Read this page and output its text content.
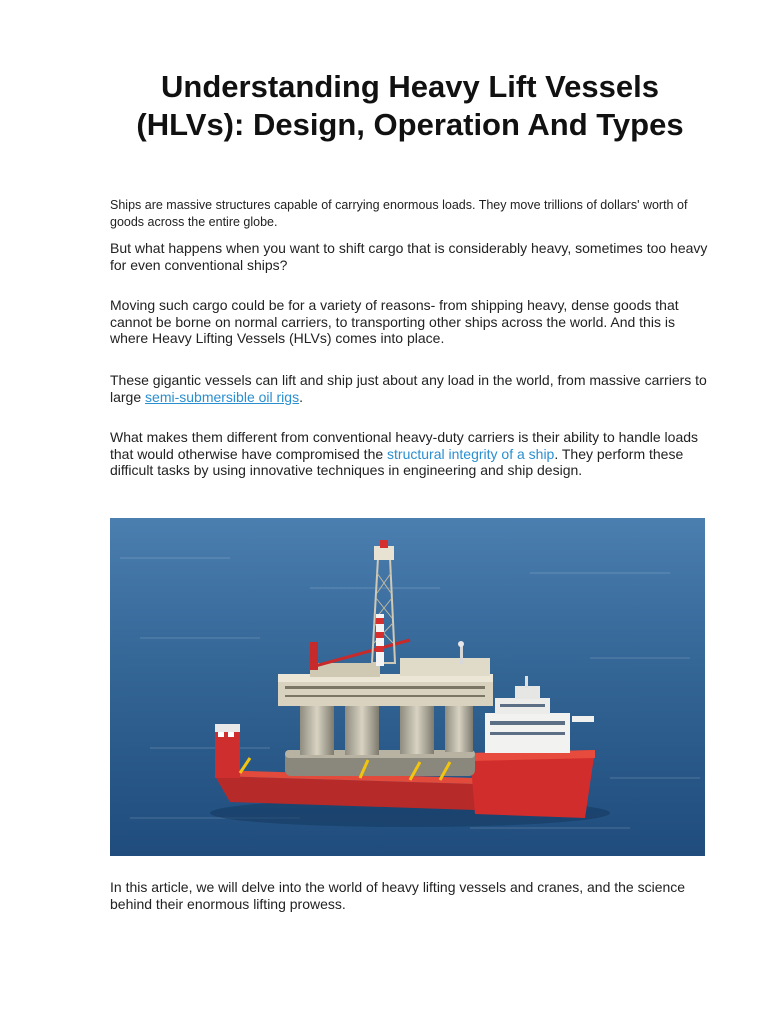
Understanding Heavy Lift Vessels (HLVs): Design, Operation And Types

Ships are massive structures capable of carrying enormous loads. They move trillions of dollars' worth of goods across the entire globe.

But what happens when you want to shift cargo that is considerably heavy, sometimes too heavy for even conventional ships?

Moving such cargo could be for a variety of reasons- from shipping heavy, dense goods that cannot be borne on normal carriers, to transporting other ships across the world. And this is where Heavy Lifting Vessels (HLVs) comes into place.

These gigantic vessels can lift and ship just about any load in the world, from massive carriers to large semi-submersible oil rigs.

What makes them different from conventional heavy-duty carriers is their ability to handle loads that would otherwise have compromised the structural integrity of a ship. They perform these difficult tasks by using innovative techniques in engineering and ship design.

In this article, we will delve into the world of heavy lifting vessels and cranes, and the science behind their enormous lifting prowess.
